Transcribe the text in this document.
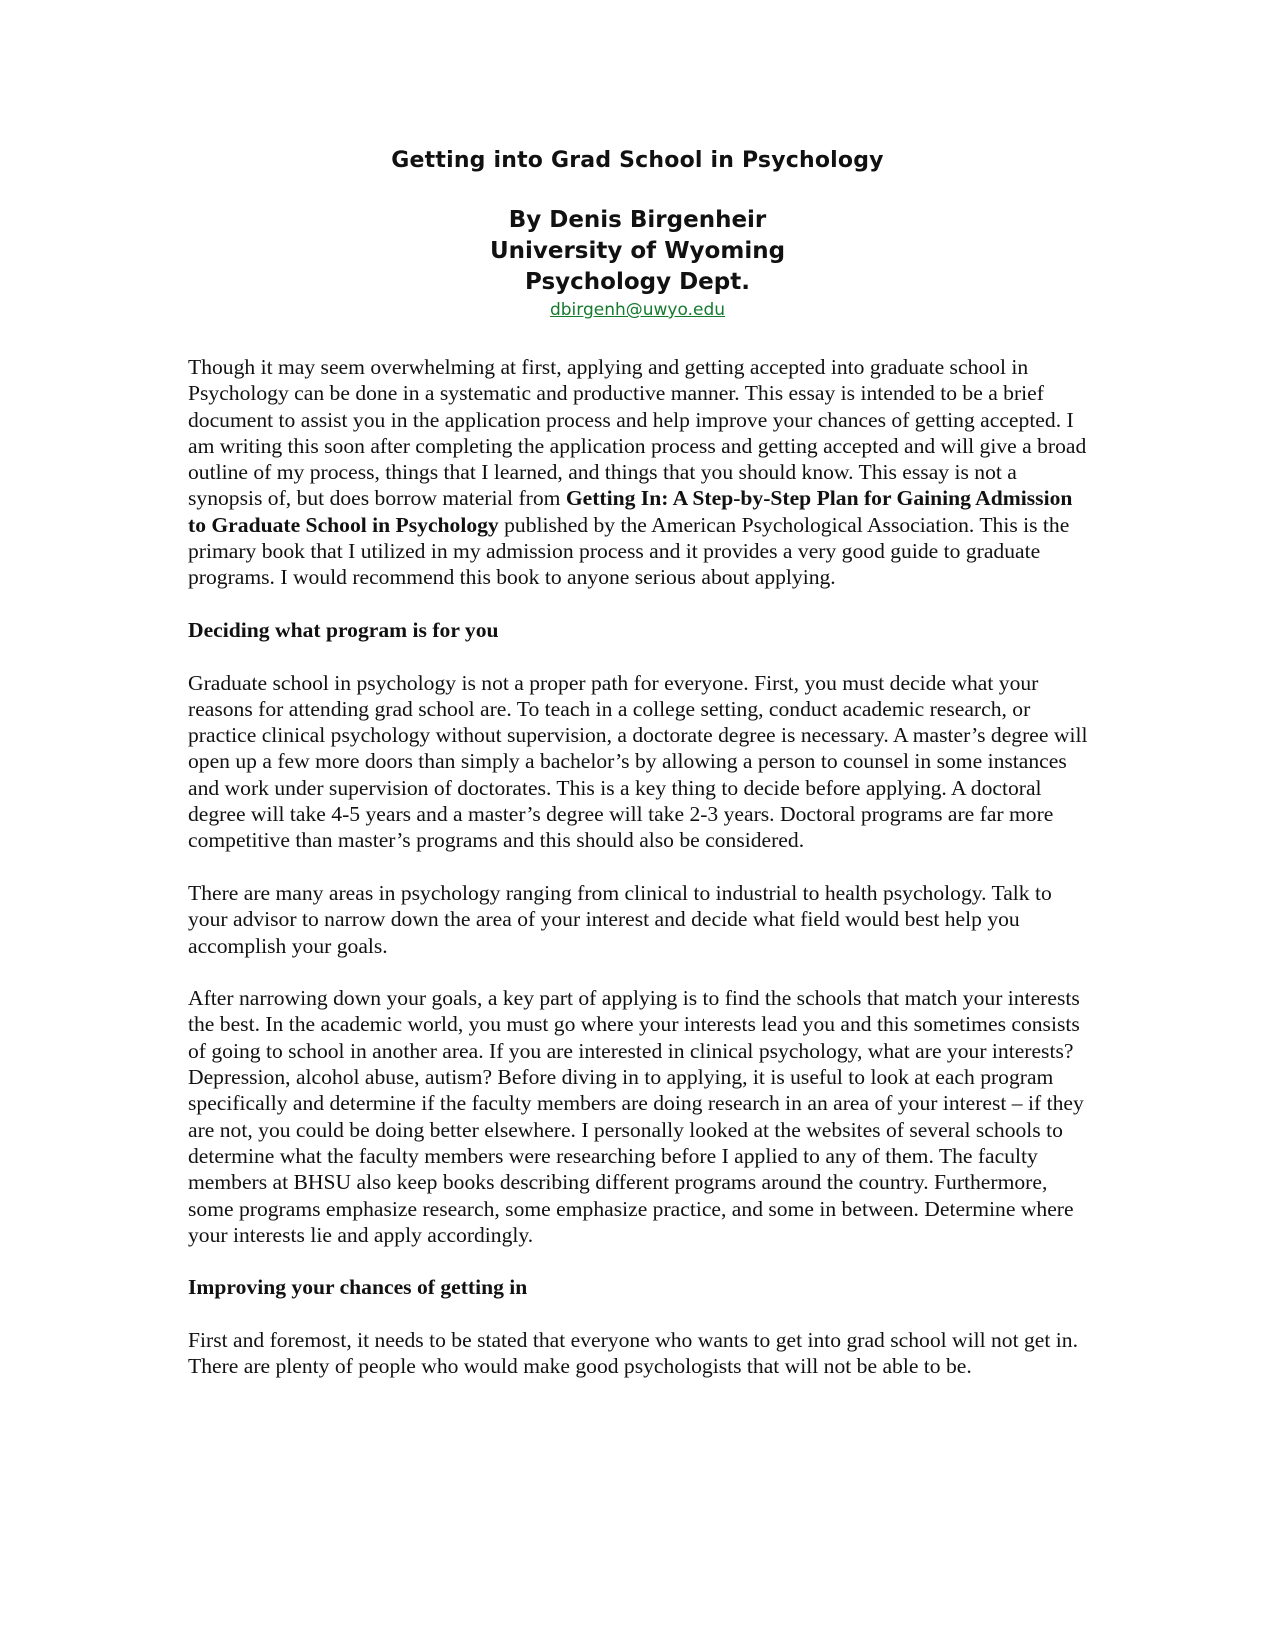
Getting into Grad School in Psychology
By Denis Birgenheir
University of Wyoming
Psychology Dept.
dbirgenh@uwyo.edu

Though it may seem overwhelming at first, applying and getting accepted into graduate school in Psychology can be done in a systematic and productive manner. This essay is intended to be a brief document to assist you in the application process and help improve your chances of getting accepted. I am writing this soon after completing the application process and getting accepted and will give a broad outline of my process, things that I learned, and things that you should know. This essay is not a synopsis of, but does borrow material from Getting In: A Step-by-Step Plan for Gaining Admission to Graduate School in Psychology published by the American Psychological Association. This is the primary book that I utilized in my admission process and it provides a very good guide to graduate programs. I would recommend this book to anyone serious about applying.

Deciding what program is for you

Graduate school in psychology is not a proper path for everyone. First, you must decide what your reasons for attending grad school are. To teach in a college setting, conduct academic research, or practice clinical psychology without supervision, a doctorate degree is necessary. A master’s degree will open up a few more doors than simply a bachelor’s by allowing a person to counsel in some instances and work under supervision of doctorates. This is a key thing to decide before applying. A doctoral degree will take 4-5 years and a master’s degree will take 2-3 years. Doctoral programs are far more competitive than master’s programs and this should also be considered.

There are many areas in psychology ranging from clinical to industrial to health psychology. Talk to your advisor to narrow down the area of your interest and decide what field would best help you accomplish your goals.

After narrowing down your goals, a key part of applying is to find the schools that match your interests the best. In the academic world, you must go where your interests lead you and this sometimes consists of going to school in another area. If you are interested in clinical psychology, what are your interests? Depression, alcohol abuse, autism? Before diving in to applying, it is useful to look at each program specifically and determine if the faculty members are doing research in an area of your interest – if they are not, you could be doing better elsewhere. I personally looked at the websites of several schools to determine what the faculty members were researching before I applied to any of them. The faculty members at BHSU also keep books describing different programs around the country. Furthermore, some programs emphasize research, some emphasize practice, and some in between. Determine where your interests lie and apply accordingly.

Improving your chances of getting in

First and foremost, it needs to be stated that everyone who wants to get into grad school will not get in. There are plenty of people who would make good psychologists that will not be able to be.
